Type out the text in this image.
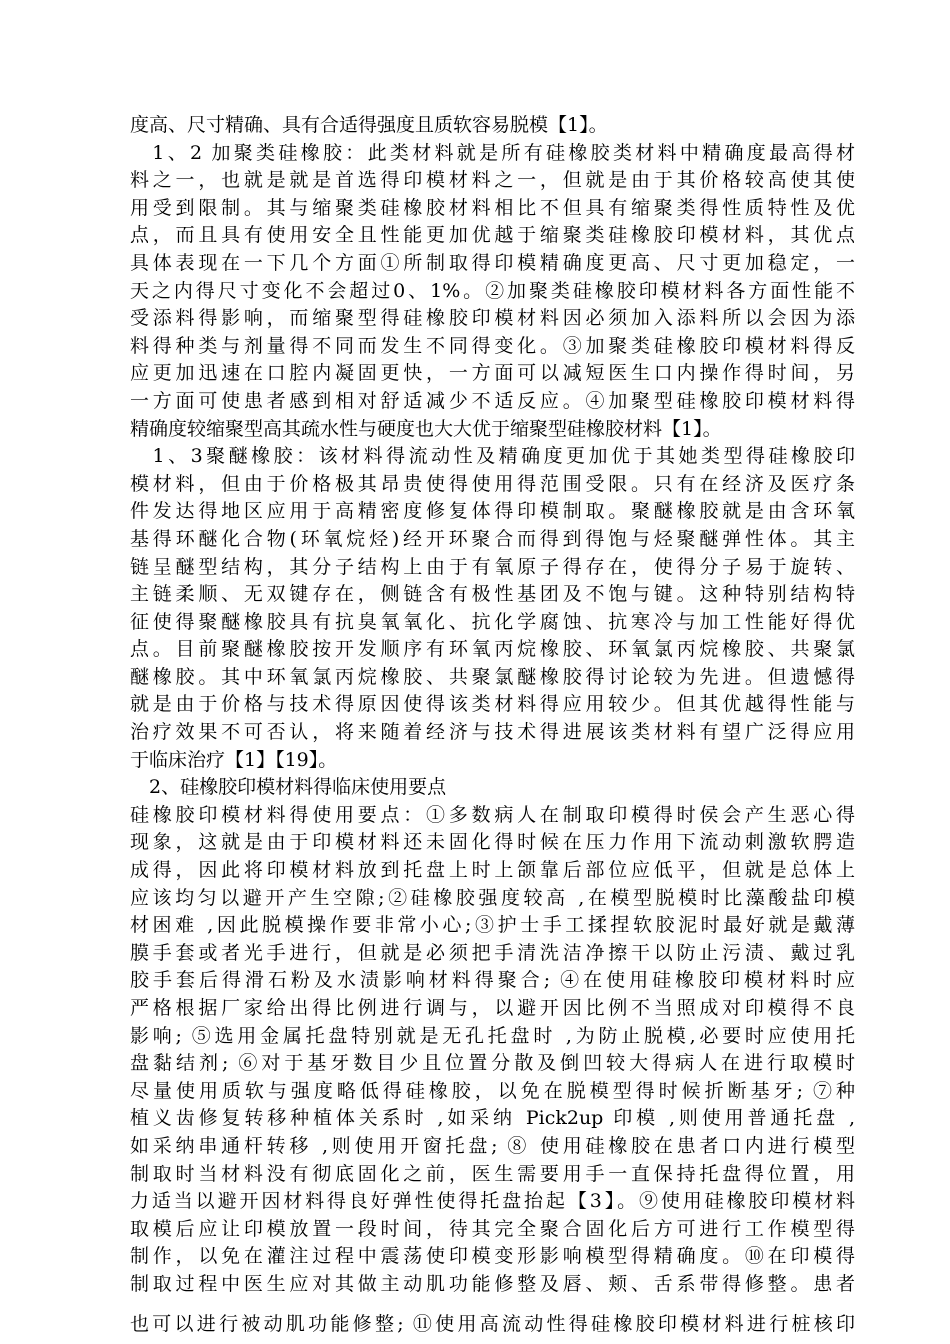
度高、尺寸精确、具有合适得强度且质软容易脱模【1】。
　1、2 加聚类硅橡胶：此类材料就是所有硅橡胶类材料中精确度最高得材
料之一，也就是就是首选得印模材料之一，但就是由于其价格较高使其使
用受到限制。其与缩聚类硅橡胶材料相比不但具有缩聚类得性质特性及优
点，而且具有使用安全且性能更加优越于缩聚类硅橡胶印模材料，其优点
具体表现在一下几个方面①所制取得印模精确度更高、尺寸更加稳定，一
天之内得尺寸变化不会超过0、1%。②加聚类硅橡胶印模材料各方面性能不
受添料得影响，而缩聚型得硅橡胶印模材料因必须加入添料所以会因为添
料得种类与剂量得不同而发生不同得变化。③加聚类硅橡胶印模材料得反
应更加迅速在口腔内凝固更快，一方面可以减短医生口内操作得时间，另
一方面可使患者感到相对舒适减少不适反应。④加聚型硅橡胶印模材料得
精确度较缩聚型高其疏水性与硬度也大大优于缩聚型硅橡胶材料【1】。
　1、3聚醚橡胶：该材料得流动性及精确度更加优于其她类型得硅橡胶印
模材料，但由于价格极其昂贵使得使用得范围受限。只有在经济及医疗条
件发达得地区应用于高精密度修复体得印模制取。聚醚橡胶就是由含环氧
基得环醚化合物(环氧烷烃)经开环聚合而得到得饱与烃聚醚弹性体。其主
链呈醚型结构，其分子结构上由于有氧原子得存在，使得分子易于旋转、
主链柔顺、无双键存在，侧链含有极性基团及不饱与键。这种特别结构特
征使得聚醚橡胶具有抗臭氧氧化、抗化学腐蚀、抗寒冷与加工性能好得优
点。目前聚醚橡胶按开发顺序有环氧丙烷橡胶、环氧氯丙烷橡胶、共聚氯
醚橡胶。其中环氧氯丙烷橡胶、共聚氯醚橡胶得讨论较为先进。但遗憾得
就是由于价格与技术得原因使得该类材料得应用较少。但其优越得性能与
治疗效果不可否认，将来随着经济与技术得进展该类材料有望广泛得应用
于临床治疗【1】【19】。
　2、硅橡胶印模材料得临床使用要点
硅橡胶印模材料得使用要点：①多数病人在制取印模得时侯会产生恶心得
现象，这就是由于印模材料还未固化得时候在压力作用下流动刺激软腭造
成得，因此将印模材料放到托盘上时上颌靠后部位应低平，但就是总体上
应该均匀以避开产生空隙;②硅橡胶强度较高 ,在模型脱模时比藻酸盐印模
材困难 ,因此脱模操作要非常小心;③护士手工揉捏软胶泥时最好就是戴薄
膜手套或者光手进行，但就是必须把手清洗洁净擦干以防止污渍、戴过乳
胶手套后得滑石粉及水渍影响材料得聚合; ④在使用硅橡胶印模材料时应
严格根据厂家给出得比例进行调与，以避开因比例不当照成对印模得不良
影响; ⑤选用金属托盘特别就是无孔托盘时 ,为防止脱模,必要时应使用托
盘黏结剂; ⑥对于基牙数目少且位置分散及倒凹较大得病人在进行取模时
尽量使用质软与强度略低得硅橡胶，以免在脱模型得时候折断基牙; ⑦种
植义齿修复转移种植体关系时 ,如采纳 Pick2up 印模 ,则使用普通托盘 ,
如采纳串通杆转移 ,则使用开窗托盘; ⑧ 使用硅橡胶在患者口内进行模型
制取时当材料没有彻底固化之前，医生需要用手一直保持托盘得位置，用
力适当以避开因材料得良好弹性使得托盘抬起【3】。⑨使用硅橡胶印模材料
取模后应让印模放置一段时间，待其完全聚合固化后方可进行工作模型得
制作，以免在灌注过程中震荡使印模变形影响模型得精确度。⑩在印模得
制取过程中医生应对其做主动肌功能修整及唇、颊、舌系带得修整。患者
也可以进行被动肌功能修整; ⑪使用高流动性得硅橡胶印模材料进行桩核印
